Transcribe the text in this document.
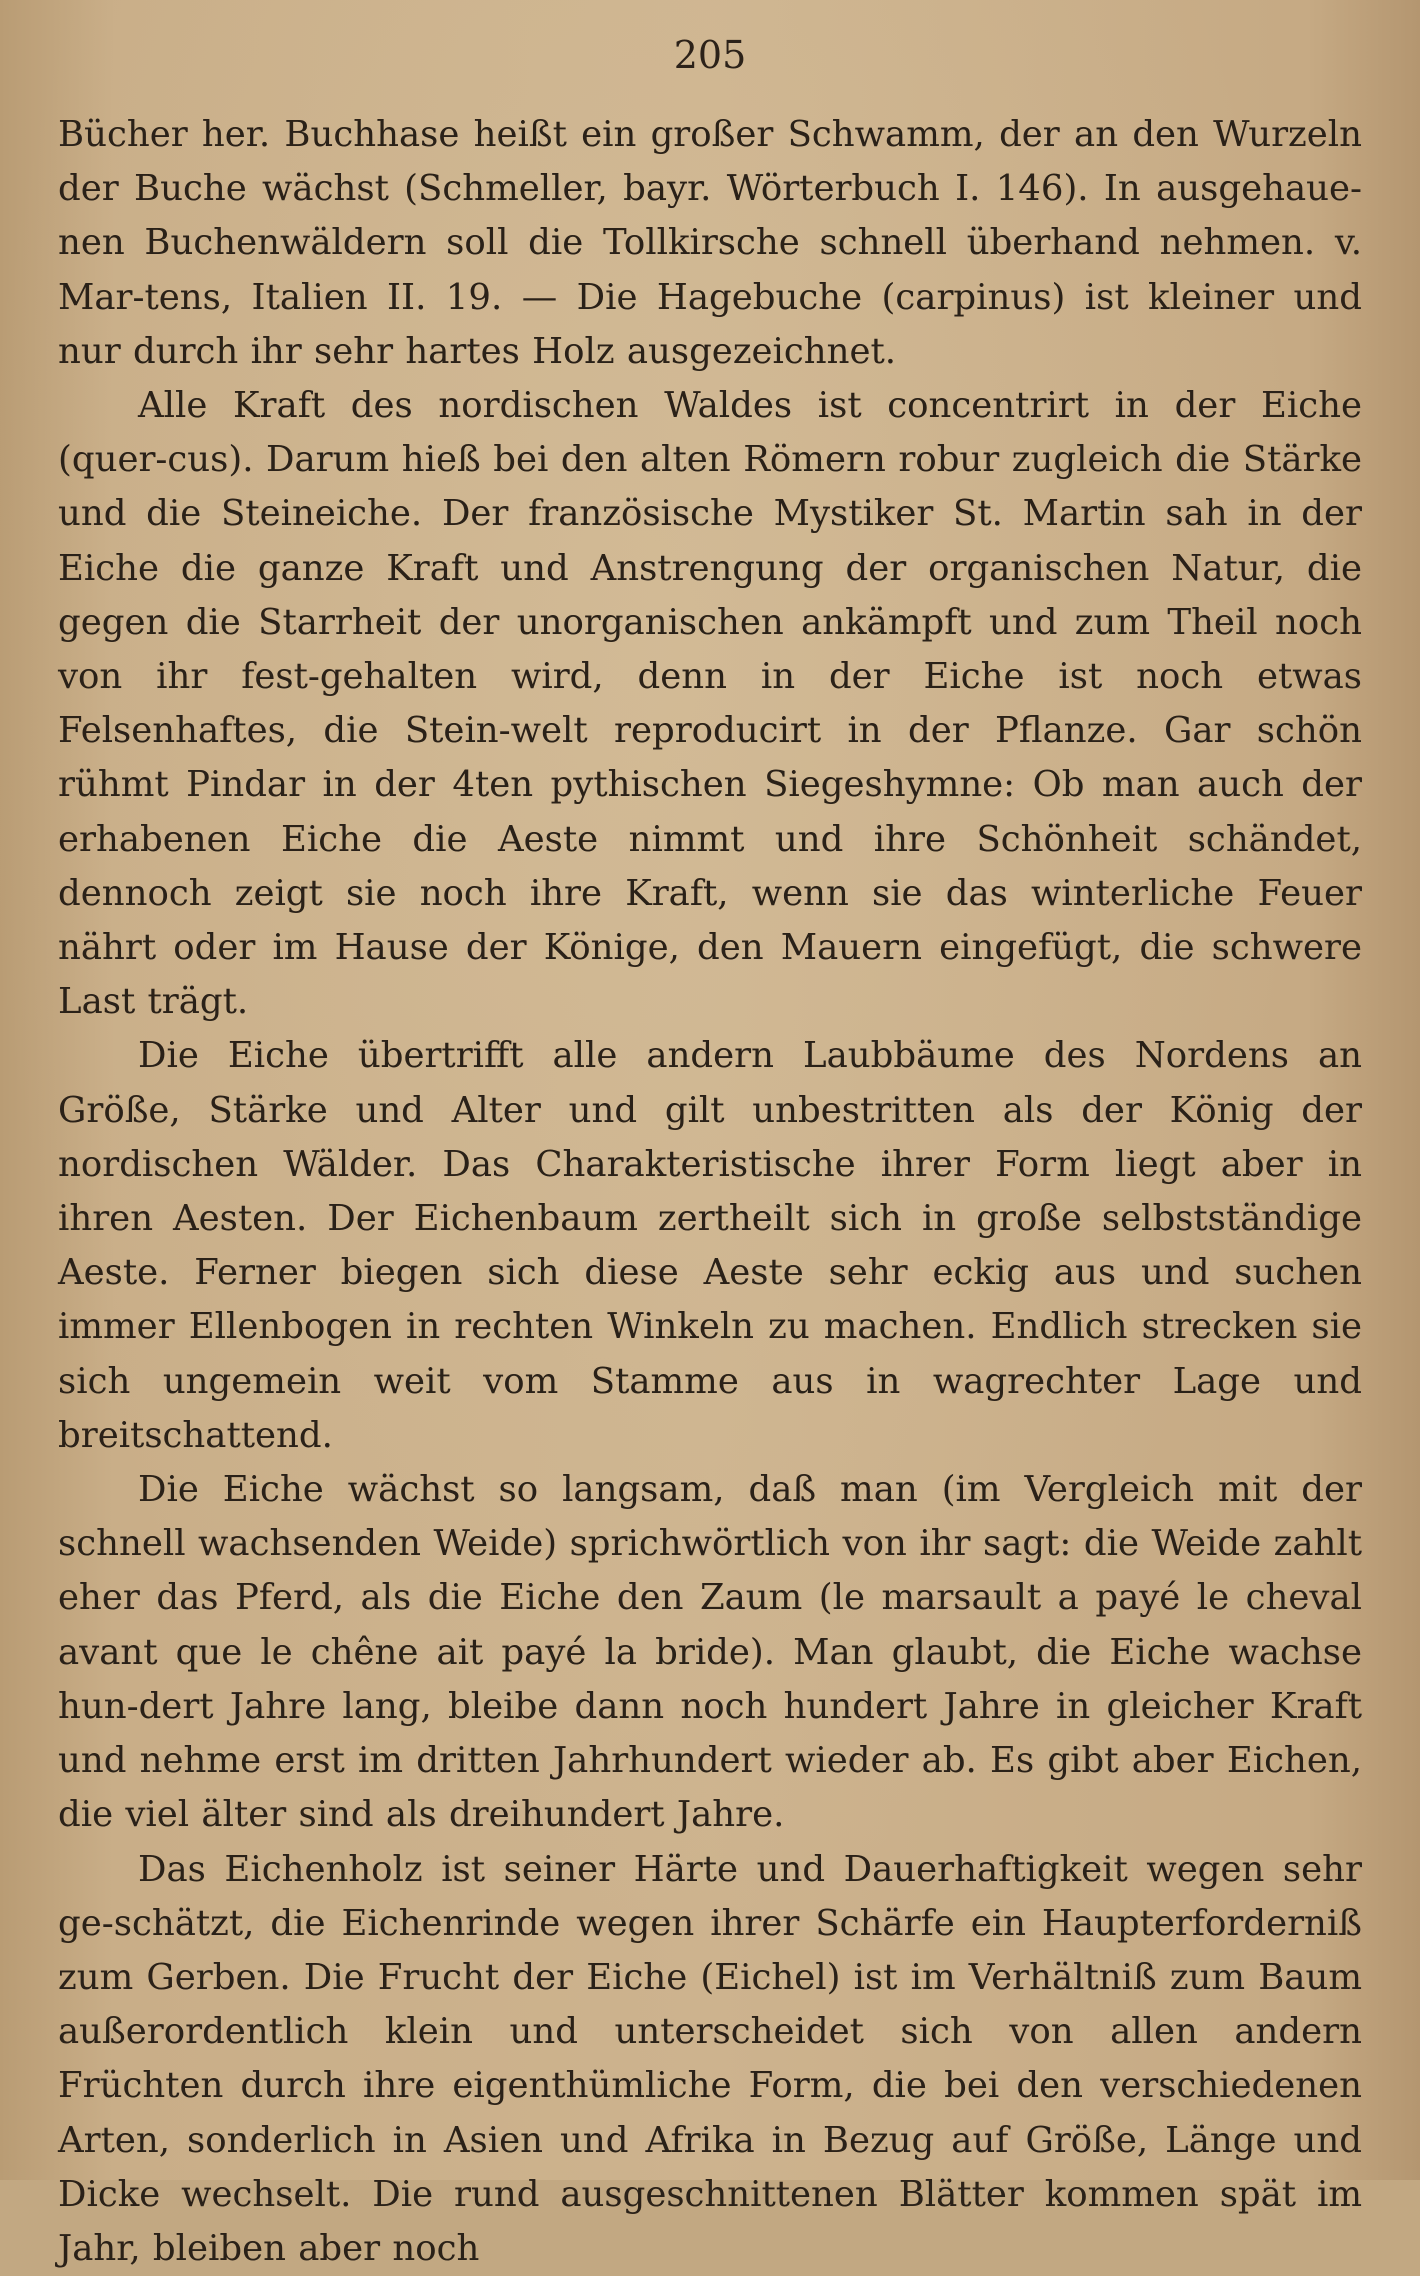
205

Bücher her. Buchhase heißt ein großer Schwamm, der an den Wurzeln der Buche wächst (Schmeller, bayr. Wörterbuch I. 146). In ausgehaue-nen Buchenwäldern soll die Tollkirsche schnell überhand nehmen. v. Mar-tens, Italien II. 19. — Die Hagebuche (carpinus) ist kleiner und nur durch ihr sehr hartes Holz ausgezeichnet.

Alle Kraft des nordischen Waldes ist concentrirt in der Eiche (quer-cus). Darum hieß bei den alten Römern robur zugleich die Stärke und die Steineiche. Der französische Mystiker St. Martin sah in der Eiche die ganze Kraft und Anstrengung der organischen Natur, die gegen die Starrheit der unorganischen ankämpft und zum Theil noch von ihr fest-gehalten wird, denn in der Eiche ist noch etwas Felsenhaftes, die Stein-welt reproducirt in der Pflanze. Gar schön rühmt Pindar in der 4ten pythischen Siegeshymne: Ob man auch der erhabenen Eiche die Aeste nimmt und ihre Schönheit schändet, dennoch zeigt sie noch ihre Kraft, wenn sie das winterliche Feuer nährt oder im Hause der Könige, den Mauern eingefügt, die schwere Last trägt.

Die Eiche übertrifft alle andern Laubbäume des Nordens an Größe, Stärke und Alter und gilt unbestritten als der König der nordischen Wälder. Das Charakteristische ihrer Form liegt aber in ihren Aesten. Der Eichenbaum zertheilt sich in große selbstständige Aeste. Ferner biegen sich diese Aeste sehr eckig aus und suchen immer Ellenbogen in rechten Winkeln zu machen. Endlich strecken sie sich ungemein weit vom Stamme aus in wagrechter Lage und breitschattend.

Die Eiche wächst so langsam, daß man (im Vergleich mit der schnell wachsenden Weide) sprichwörtlich von ihr sagt: die Weide zahlt eher das Pferd, als die Eiche den Zaum (le marsault a payé le cheval avant que le chêne ait payé la bride). Man glaubt, die Eiche wachse hun-dert Jahre lang, bleibe dann noch hundert Jahre in gleicher Kraft und nehme erst im dritten Jahrhundert wieder ab. Es gibt aber Eichen, die viel älter sind als dreihundert Jahre.

Das Eichenholz ist seiner Härte und Dauerhaftigkeit wegen sehr ge-schätzt, die Eichenrinde wegen ihrer Schärfe ein Haupterforderniß zum Gerben. Die Frucht der Eiche (Eichel) ist im Verhältniß zum Baum außerordentlich klein und unterscheidet sich von allen andern Früchten durch ihre eigenthümliche Form, die bei den verschiedenen Arten, sonderlich in Asien und Afrika in Bezug auf Größe, Länge und Dicke wechselt. Die rund ausgeschnittenen Blätter kommen spät im Jahr, bleiben aber noch
